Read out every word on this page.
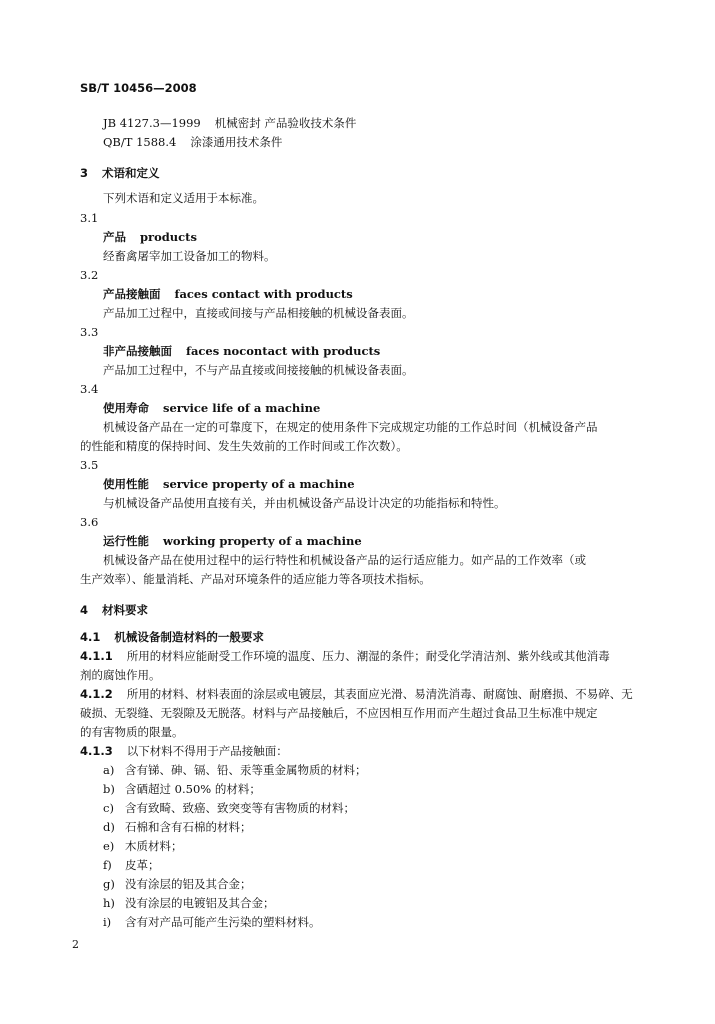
SB/T 10456—2008
JB 4127.3—1999 机械密封 产品验收技术条件
QB/T 1588.4 涂漆通用技术条件
3 术语和定义
下列术语和定义适用于本标准。
3.1
产品 products
经畜禽屠宰加工设备加工的物料。
3.2
产品接触面 faces contact with products
产品加工过程中，直接或间接与产品相接触的机械设备表面。
3.3
非产品接触面 faces nocontact with products
产品加工过程中，不与产品直接或间接接触的机械设备表面。
3.4
使用寿命 service life of a machine
机械设备产品在一定的可靠度下，在规定的使用条件下完成规定功能的工作总时间（机械设备产品
的性能和精度的保持时间、发生失效前的工作时间或工作次数）。
3.5
使用性能 service property of a machine
与机械设备产品使用直接有关，并由机械设备产品设计决定的功能指标和特性。
3.6
运行性能 working property of a machine
机械设备产品在使用过程中的运行特性和机械设备产品的运行适应能力。如产品的工作效率（或
生产效率）、能量消耗、产品对环境条件的适应能力等各项技术指标。
4 材料要求
4.1 机械设备制造材料的一般要求
4.1.1 所用的材料应能耐受工作环境的温度、压力、潮湿的条件；耐受化学清洁剂、紫外线或其他消毒
剂的腐蚀作用。
4.1.2 所用的材料、材料表面的涂层或电镀层，其表面应光滑、易清洗消毒、耐腐蚀、耐磨损、不易碎、无
破损、无裂缝、无裂隙及无脱落。材料与产品接触后，不应因相互作用而产生超过食品卫生标准中规定
的有害物质的限量。
4.1.3 以下材料不得用于产品接触面：
a) 含有锑、砷、镉、铅、汞等重金属物质的材料；
b) 含硒超过 0.50% 的材料；
c) 含有致畸、致癌、致突变等有害物质的材料；
d) 石棉和含有石棉的材料；
e) 木质材料；
f) 皮革；
g) 没有涂层的铝及其合金；
h) 没有涂层的电镀铝及其合金；
i) 含有对产品可能产生污染的塑料材料。
2
